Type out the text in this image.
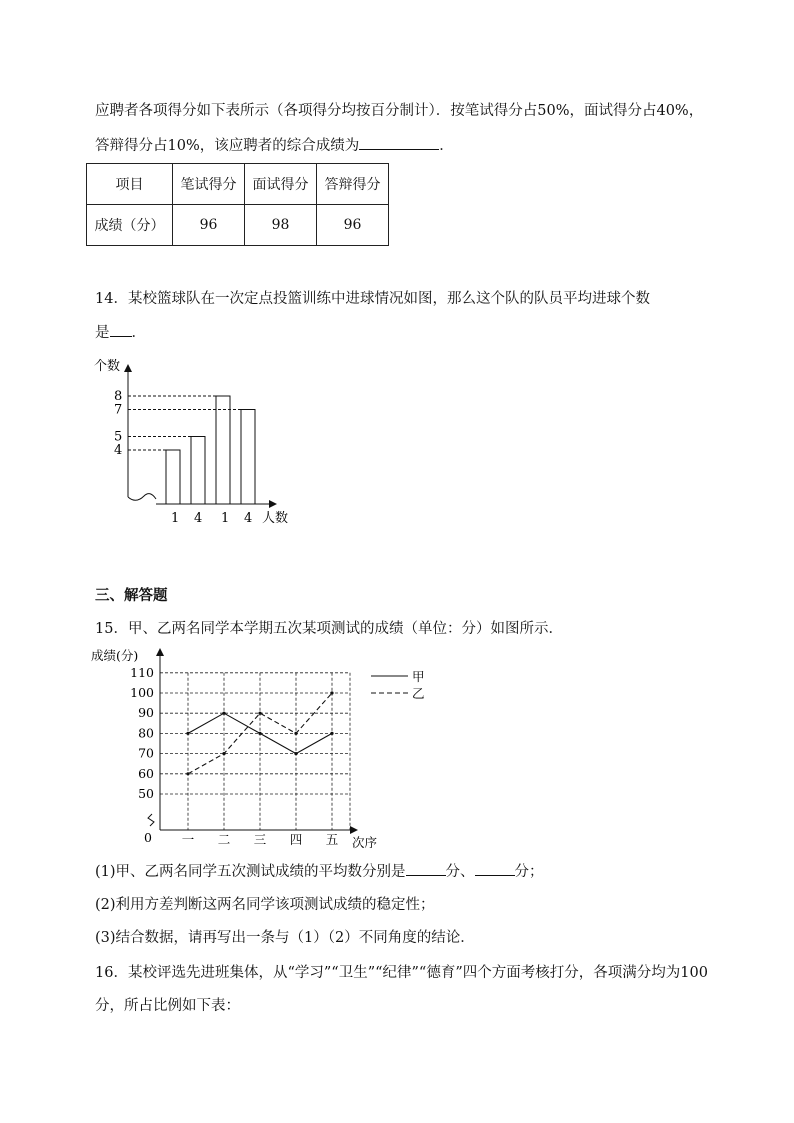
应聘者各项得分如下表所示（各项得分均按百分制计）．按笔试得分占50%，面试得分占40%，
答辩得分占10%，该应聘者的综合成绩为	．
项目	笔试得分	面试得分	答辩得分
成绩（分）	96	98	96
14．某校篮球队在一次定点投篮训练中进球情况如图，那么这个队的队员平均进球个数
是 ．
个数
人数
1 4 1 4
4
5
7
8
三、解答题
15．甲、乙两名同学本学期五次某项测试的成绩（单位：分）如图所示．
成绩(分)
50
60
70
80
90
100
110
0	次序
一 二 三 四 五
甲
乙
(1)甲、乙两名同学五次测试成绩的平均数分别是	分、	分；
(2)利用方差判断这两名同学该项测试成绩的稳定性；
(3)结合数据，请再写出一条与（1）（2）不同角度的结论．
16．某校评选先进班集体，从“学习”“卫生”“纪律”“德育”四个方面考核打分，各项满分均为100
分，所占比例如下表：
